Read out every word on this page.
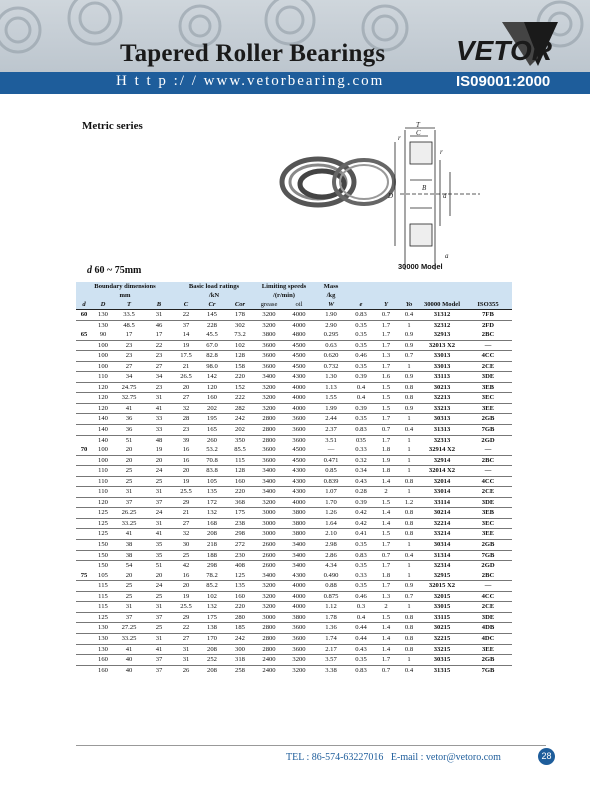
Tapered Roller Bearings	VETOR
H t t p :/ / www.vetorbearing.com	IS09001:2000
Metric series	T
C
r
r
B
D	d
a
30000 Model
d 60 ~ 75mm
Boundary dimensions				Basic load ratings			Limiting speeds		Mass					
mm				/kN			/(r/min)		/kg					
d	D	T	B	C	Cr	Cor	grease	oil	W	e	Y	Yo	30000 Model	ISO355
60	130	33.5	31	22	145	178	3200	4000	1.90	0.83	0.7	0.4	31312	7FB
	130	48.5	46	37	228	302	3200	4000	2.90	0.35	1.7	1	32312	2FD
65	90	17	17	14	45.5	73.2	3800	4800	0.295	0.35	1.7	0.9	32913	2BC
	100	23	22	19	67.0	102	3600	4500	0.63	0.35	1.7	0.9	32013 X2	—
	100	23	23	17.5	82.8	128	3600	4500	0.620	0.46	1.3	0.7	33013	4CC
	100	27	27	21	98.0	158	3600	4500	0.732	0.35	1.7	1	33013	2CE
	110	34	34	26.5	142	220	3400	4300	1.30	0.39	1.6	0.9	33113	3DE
	120	24.75	23	20	120	152	3200	4000	1.13	0.4	1.5	0.8	30213	3EB
	120	32.75	31	27	160	222	3200	4000	1.55	0.4	1.5	0.8	32213	3EC
	120	41	41	32	202	282	3200	4000	1.99	0.39	1.5	0.9	33213	3EE
	140	36	33	28	195	242	2800	3600	2.44	0.35	1.7	1	30313	2GB
	140	36	33	23	165	202	2800	3600	2.37	0.83	0.7	0.4	31313	7GB
	140	51	48	39	260	350	2800	3600	3.51	035	1.7	1	32313	2GD
70	100	20	19	16	53.2	85.5	3600	4500	—	0.33	1.8	1	32914 X2	—
	100	20	20	16	70.8	115	3600	4500	0.471	0.32	1.9	1	32914	2BC
	110	25	24	20	83.8	128	3400	4300	0.85	0.34	1.8	1	32014 X2	—
	110	25	25	19	105	160	3400	4300	0.839	0.43	1.4	0.8	32014	4CC
	110	31	31	25.5	135	220	3400	4300	1.07	0.28	2	1	33014	2CE
	120	37	37	29	172	368	3200	4000	1.70	0.39	1.5	1.2	33114	3DE
	125	26.25	24	21	132	175	3000	3800	1.26	0.42	1.4	0.8	30214	3EB
	125	33.25	31	27	168	238	3000	3800	1.64	0.42	1.4	0.8	32214	3EC
	125	41	41	32	208	298	3000	3800	2.10	0.41	1.5	0.8	33214	3EE
	150	38	35	30	218	272	2600	3400	2.98	0.35	1.7	1	30314	2GB
	150	38	35	25	188	230	2600	3400	2.86	0.83	0.7	0.4	31314	7GB
	150	54	51	42	298	408	2600	3400	4.34	0.35	1.7	1	32314	2GD
75	105	20	20	16	78.2	125	3400	4300	0.490	0.33	1.8	1	32915	2BC
	115	25	24	20	85.2	135	3200	4000	0.88	0.35	1.7	0.9	32015 X2	—
	115	25	25	19	102	160	3200	4000	0.875	0.46	1.3	0.7	32015	4CC
	115	31	31	25.5	132	220	3200	4000	1.12	0.3	2	1	33015	2CE
	125	37	37	29	175	280	3000	3800	1.78	0.4	1.5	0.8	33115	3DE
	130	27.25	25	22	138	185	2800	3600	1.36	0.44	1.4	0.8	30215	4DB
	130	33.25	31	27	170	242	2800	3600	1.74	0.44	1.4	0.8	32215	4DC
	130	41	41	31	208	300	2800	3600	2.17	0.43	1.4	0.8	33215	3EE
	160	40	37	31	252	318	2400	3200	3.57	0.35	1.7	1	30315	2GB
	160	40	37	26	208	258	2400	3200	3.38	0.83	0.7	0.4	31315	7GB
TEL : 86-574-63227016 E-mail : vetor@vetoro.com	28
